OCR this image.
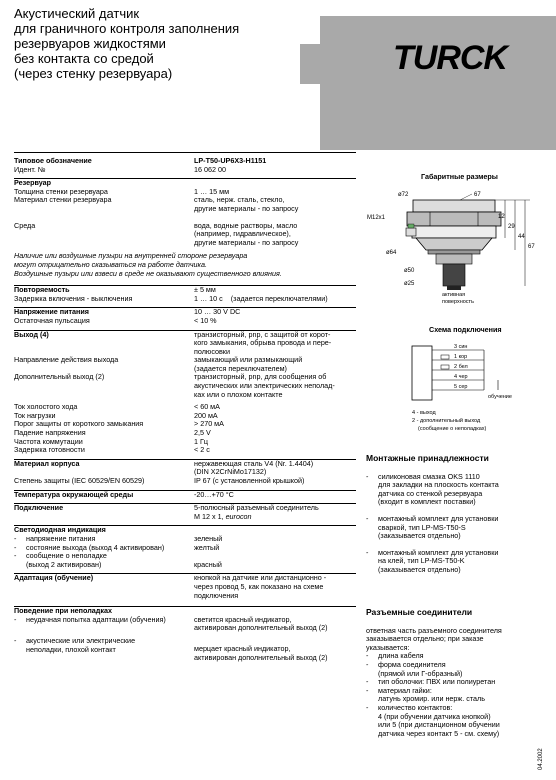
Акустический датчик
для граничного контроля заполнения
резервуаров жидкостями
без контакта со средой
(через стенку резервуара)	TURCK
Типовое обозначение	LP-T50-UP6X3-H1151
Идент. №	16 062 00
Резервуар
Толщина стенки резервуара	1 … 15 мм
Материал стенки резервуара	сталь, нерж. сталь, стекло,
другие материалы - по запросу
Среда	вода, водные растворы, масло
(например, гидравлическое),
другие материалы - по запросу
Наличие или воздушные пузыри на внутренней стороне резервуара
могут отрицательно сказываться на работе датчика.
Воздушные пузыри или взвеси в среде не оказывают существенного влияния.
Повторяемость	± 5 мм
Задержка включения - выключения	1 … 10 с (задается переключателями)
Напряжение питания	10 … 30 V DC
Остаточная пульсация	< 10 %
Выход (4)	транзисторный, pnp, с защитой от корот-
кого замыкания, обрыва провода и пере-
полюсовки
Направление действия выхода	замыкающий или размыкающий
(задается переключателем)
Дополнительный выход (2)	транзисторный, pnp, для сообщения об
акустических или электрических неполад-
ках или о плохом контакте
Ток холостого хода	< 60 мА
Ток нагрузки	200 мА
Порог защиты от короткого замыкания	> 270 мА
Падение напряжения	2,5 V
Частота коммутации	1 Гц
Задержка готовности	< 2 с
Материал корпуса	нержавеющая сталь V4 (Nr. 1.4404)
(DIN X2CrNiMo17132)
Степень защиты (IEC 60529/EN 60529)	IP 67 (с установленной крышкой)
Температура окружающей среды	-20…+70 °C
Подключение	5-полюсный разъемный соединитель
M 12 x 1, eurocon
Светодиодная индикация
-	напряжение питания	зеленый
-	состояние выхода (выход 4 активирован)	желтый
-	сообщение о неполадке
(выход 2 активирован)	красный
Адаптация (обучение)	кнопкой на датчике или дистанционно -
через провод 5, как показано на схеме
подключения
Поведение при неполадках
-	неудачная попытка адаптации (обучения)	светится красный индикатор,
активирован дополнительный выход (2)
-	акустические или электрические
неполадки, плохой контакт	мерцает красный индикатор,
активирован дополнительный выход (2)
Габаритные размеры
ø72	67
M12x1	12
29
44
67
ø64
ø50
ø25
активная
поверхность
Схема подключения
3 син
1 кор
2 бел
4 чер
5 сер
обучение
4 - выход
2 - дополнительный выход
(сообщение о неполадках)
Монтажные принадлежности
-	силиконовая смазка OKS 1110
для закладки на плоскость контакта
датчика со стенкой резервуара
(входит в комплект поставки)
-	монтажный комплект для установки
сваркой, тип LP-MS-T50-S
(заказывается отдельно)
-	монтажный комплект для установки
на клей, тип LP-MS-T50-K
(заказывается отдельно)
Разъемные соединители
ответная часть разъемного соединителя
заказывается отдельно; при заказе
указывается:
-	длина кабеля
-	форма соединителя
(прямой или Г-образный)
-	тип оболочки: ПВХ или полиуретан
-	материал гайки:
латунь хромир. или нерж. сталь
-	количество контактов:
4 (при обучении датчика кнопкой)
или 5 (при дистанционном обучении
датчика через контакт 5 - см. схему)
04.2002
